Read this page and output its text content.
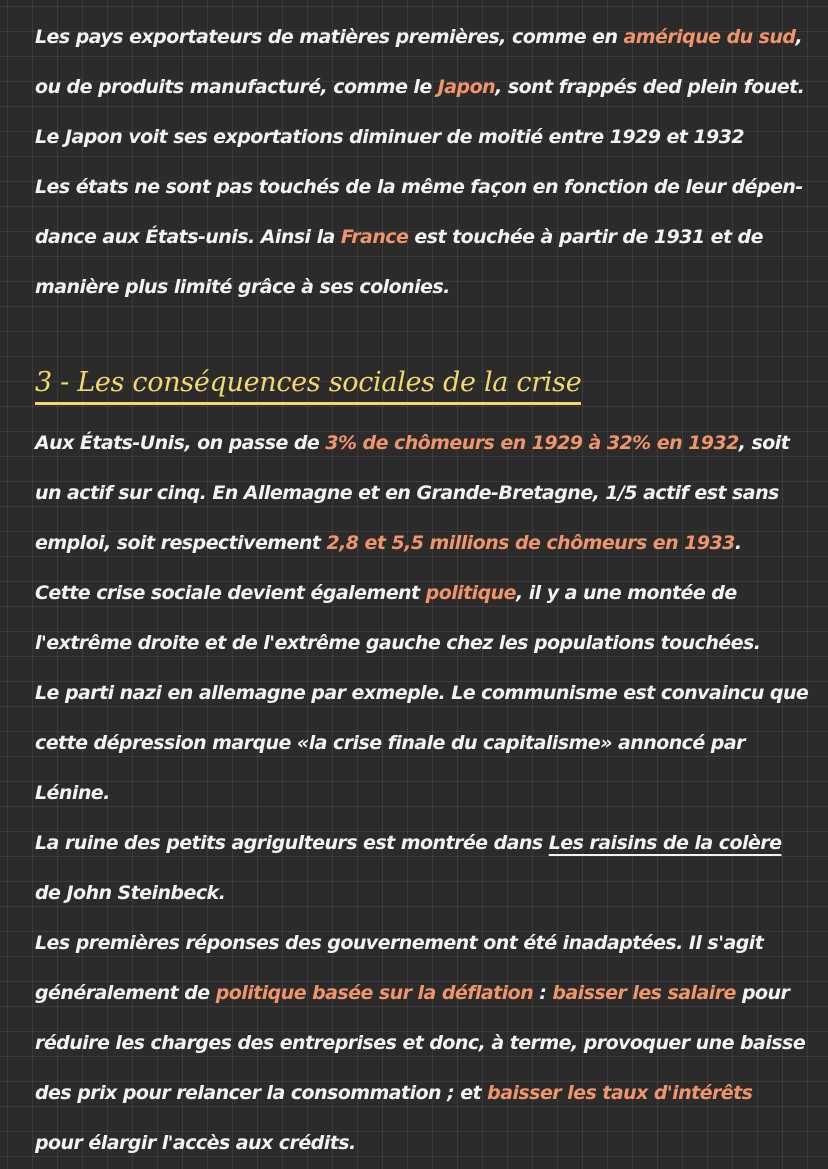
Les pays exportateurs de matières premières, comme en amérique du sud,
ou de produits manufacturé, comme le Japon, sont frappés ded plein fouet.
Le Japon voit ses exportations diminuer de moitié entre 1929 et 1932
Les états ne sont pas touchés de la même façon en fonction de leur dépen-
dance aux États-unis. Ainsi la France est touchée à partir de 1931 et de
manière plus limité grâce à ses colonies.
3 - Les conséquences sociales de la crise
Aux États-Unis, on passe de 3% de chômeurs en 1929 à 32% en 1932, soit
un actif sur cinq. En Allemagne et en Grande-Bretagne, 1/5 actif est sans
emploi, soit respectivement 2,8 et 5,5 millions de chômeurs en 1933.
Cette crise sociale devient également politique, il y a une montée de
l'extrême droite et de l'extrême gauche chez les populations touchées.
Le parti nazi en allemagne par exmeple. Le communisme est convaincu que
cette dépression marque «la crise finale du capitalisme» annoncé par
Lénine.
La ruine des petits agrigulteurs est montrée dans Les raisins de la colère
de John Steinbeck.
Les premières réponses des gouvernement ont été inadaptées. Il s'agit
généralement de politique basée sur la déflation : baisser les salaire pour
réduire les charges des entreprises et donc, à terme, provoquer une baisse
des prix pour relancer la consommation ; et baisser les taux d'intérêts
pour élargir l'accès aux crédits.
